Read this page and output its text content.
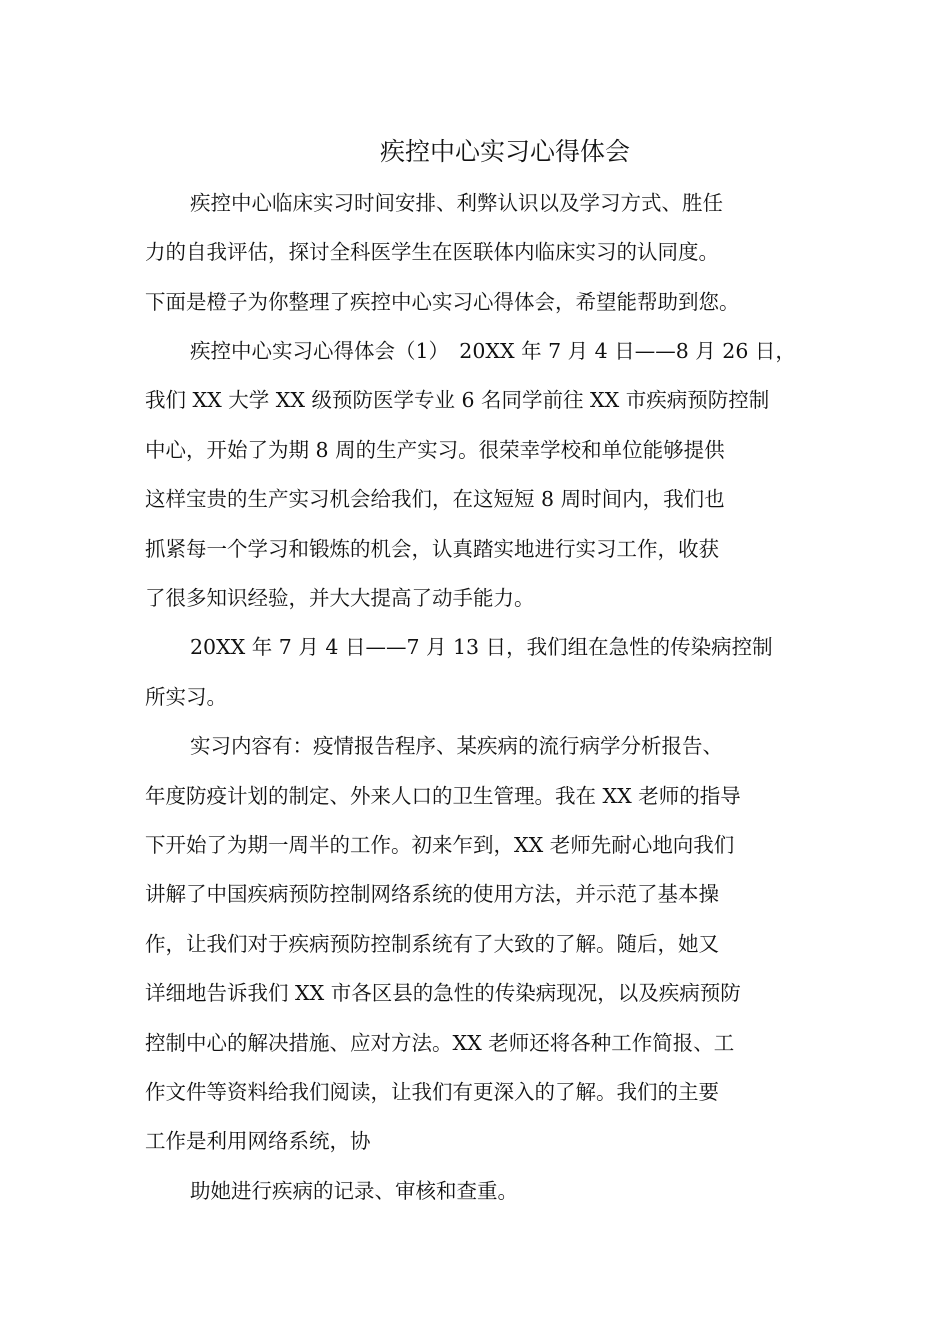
疾控中心实习心得体会

疾控中心临床实习时间安排、利弊认识以及学习方式、胜任

力的自我评估，探讨全科医学生在医联体内临床实习的认同度。

下面是橙子为你整理了疾控中心实习心得体会，希望能帮助到您。

疾控中心实习心得体会（1）　20XX 年 7 月 4 日——8 月 26 日，

我们 XX 大学 XX 级预防医学专业 6 名同学前往 XX 市疾病预防控制

中心，开始了为期 8 周的生产实习。很荣幸学校和单位能够提供

这样宝贵的生产实习机会给我们，在这短短 8 周时间内，我们也

抓紧每一个学习和锻炼的机会，认真踏实地进行实习工作，收获

了很多知识经验，并大大提高了动手能力。

20XX 年 7 月 4 日——7 月 13 日，我们组在急性的传染病控制

所实习。

实习内容有：疫情报告程序、某疾病的流行病学分析报告、

年度防疫计划的制定、外来人口的卫生管理。我在 XX 老师的指导

下开始了为期一周半的工作。初来乍到，XX 老师先耐心地向我们

讲解了中国疾病预防控制网络系统的使用方法，并示范了基本操

作，让我们对于疾病预防控制系统有了大致的了解。随后，她又

详细地告诉我们 XX 市各区县的急性的传染病现况，以及疾病预防

控制中心的解决措施、应对方法。XX 老师还将各种工作简报、工

作文件等资料给我们阅读，让我们有更深入的了解。我们的主要

工作是利用网络系统，协

助她进行疾病的记录、审核和查重。
